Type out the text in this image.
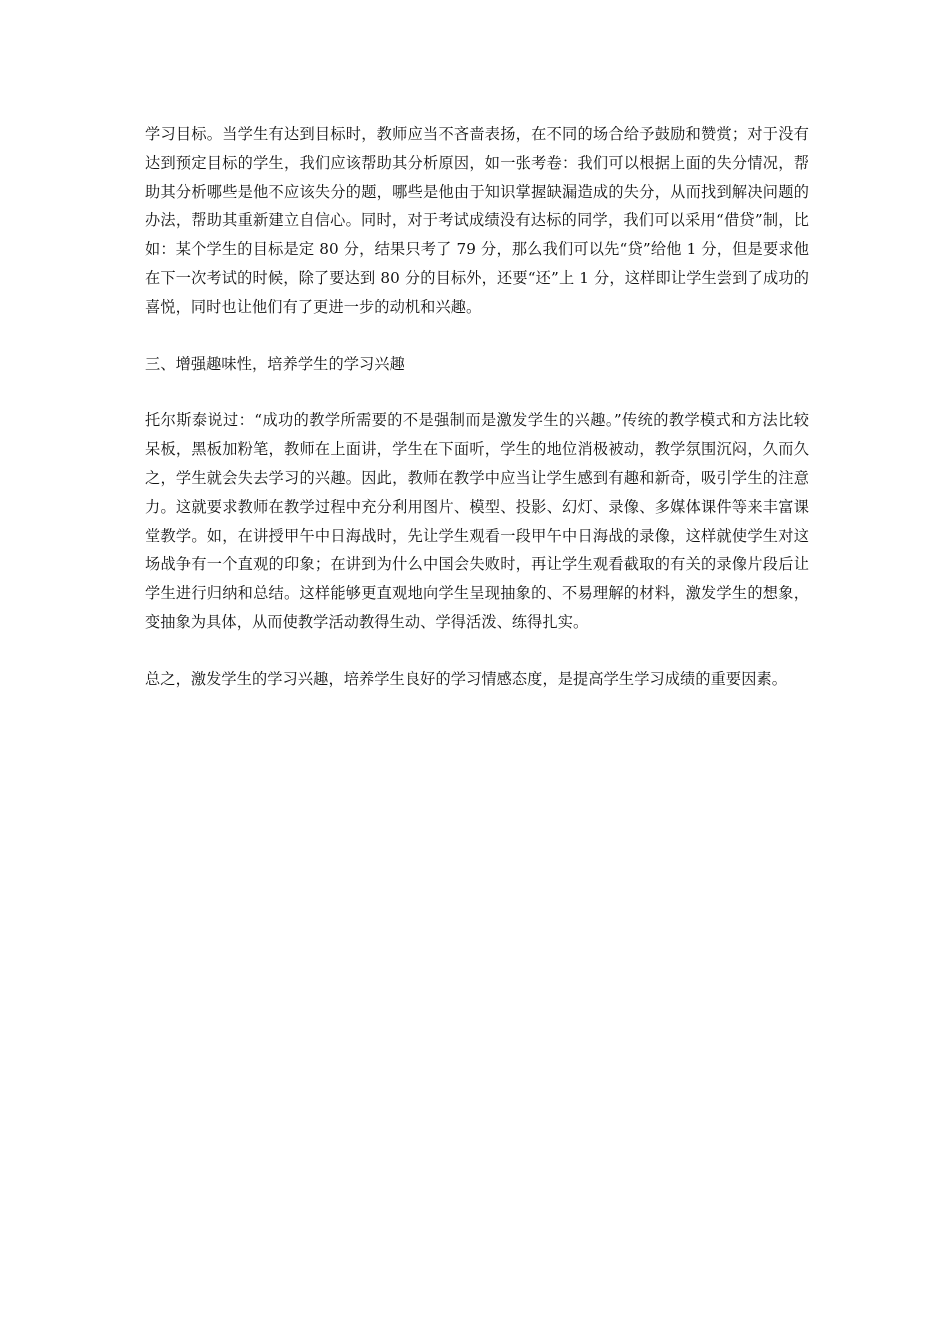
学习目标。当学生有达到目标时，教师应当不吝啬表扬，在不同的场合给予鼓励和赞赏；对于没有达到预定目标的学生，我们应该帮助其分析原因，如一张考卷：我们可以根据上面的失分情况，帮助其分析哪些是他不应该失分的题，哪些是他由于知识掌握缺漏造成的失分，从而找到解决问题的办法，帮助其重新建立自信心。同时，对于考试成绩没有达标的同学，我们可以采用“借贷”制，比如：某个学生的目标是定 80 分，结果只考了 79 分，那么我们可以先“贷”给他 1 分，但是要求他在下一次考试的时候，除了要达到 80 分的目标外，还要“还”上 1 分，这样即让学生尝到了成功的喜悦，同时也让他们有了更进一步的动机和兴趣。

三、增强趣味性，培养学生的学习兴趣

托尔斯泰说过：“成功的教学所需要的不是强制而是激发学生的兴趣。”传统的教学模式和方法比较呆板，黑板加粉笔，教师在上面讲，学生在下面听，学生的地位消极被动，教学氛围沉闷，久而久之，学生就会失去学习的兴趣。因此，教师在教学中应当让学生感到有趣和新奇，吸引学生的注意力。这就要求教师在教学过程中充分利用图片、模型、投影、幻灯、录像、多媒体课件等来丰富课堂教学。如，在讲授甲午中日海战时，先让学生观看一段甲午中日海战的录像，这样就使学生对这场战争有一个直观的印象；在讲到为什么中国会失败时，再让学生观看截取的有关的录像片段后让学生进行归纳和总结。这样能够更直观地向学生呈现抽象的、不易理解的材料，激发学生的想象，变抽象为具体，从而使教学活动教得生动、学得活泼、练得扎实。

总之，激发学生的学习兴趣，培养学生良好的学习情感态度，是提高学生学习成绩的重要因素。
